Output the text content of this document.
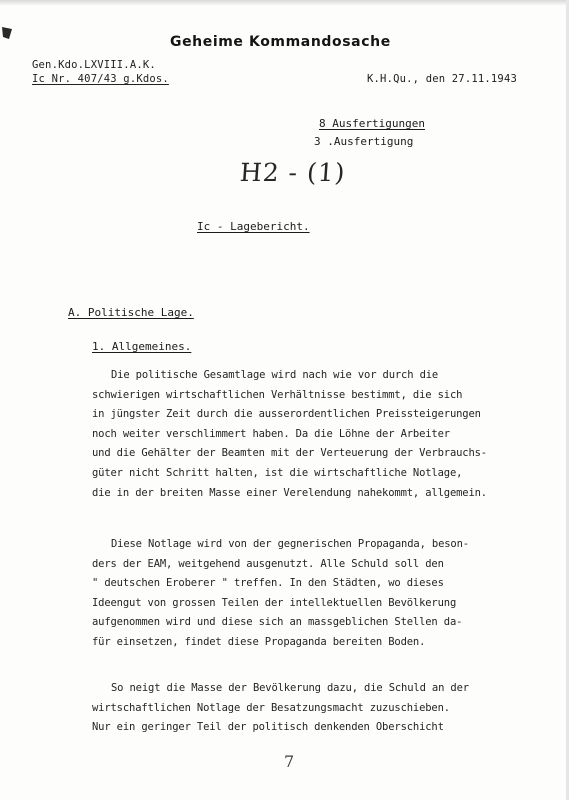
Geheime Kommandosache
Gen.Kdo.LXVIII.A.K.
Ic Nr. 407/43 g.Kdos.	K.H.Qu., den 27.11.1943
8 Ausfertigungen
3 .Ausfertigung
H2 - (1)
Ic - Lagebericht.
A. Politische Lage.
1. Allgemeines.

Die politische Gesamtlage wird nach wie vor durch die
schwierigen wirtschaftlichen Verhältnisse bestimmt, die sich
in jüngster Zeit durch die ausserordentlichen Preissteigerungen
noch weiter verschlimmert haben. Da die Löhne der Arbeiter
und die Gehälter der Beamten mit der Verteuerung der Verbrauchs-
güter nicht Schritt halten, ist die wirtschaftliche Notlage,
die in der breiten Masse einer Verelendung nahekommt, allgemein.

Diese Notlage wird von der gegnerischen Propaganda, beson-
ders der EAM, weitgehend ausgenutzt. Alle Schuld soll den
" deutschen Eroberer " treffen. In den Städten, wo dieses
Ideengut von grossen Teilen der intellektuellen Bevölkerung
aufgenommen wird und diese sich an massgeblichen Stellen da-
für einsetzen, findet diese Propaganda bereiten Boden.

So neigt die Masse der Bevölkerung dazu, die Schuld an der
wirtschaftlichen Notlage der Besatzungsmacht zuzuschieben.
Nur ein geringer Teil der politisch denkenden Oberschicht

7
